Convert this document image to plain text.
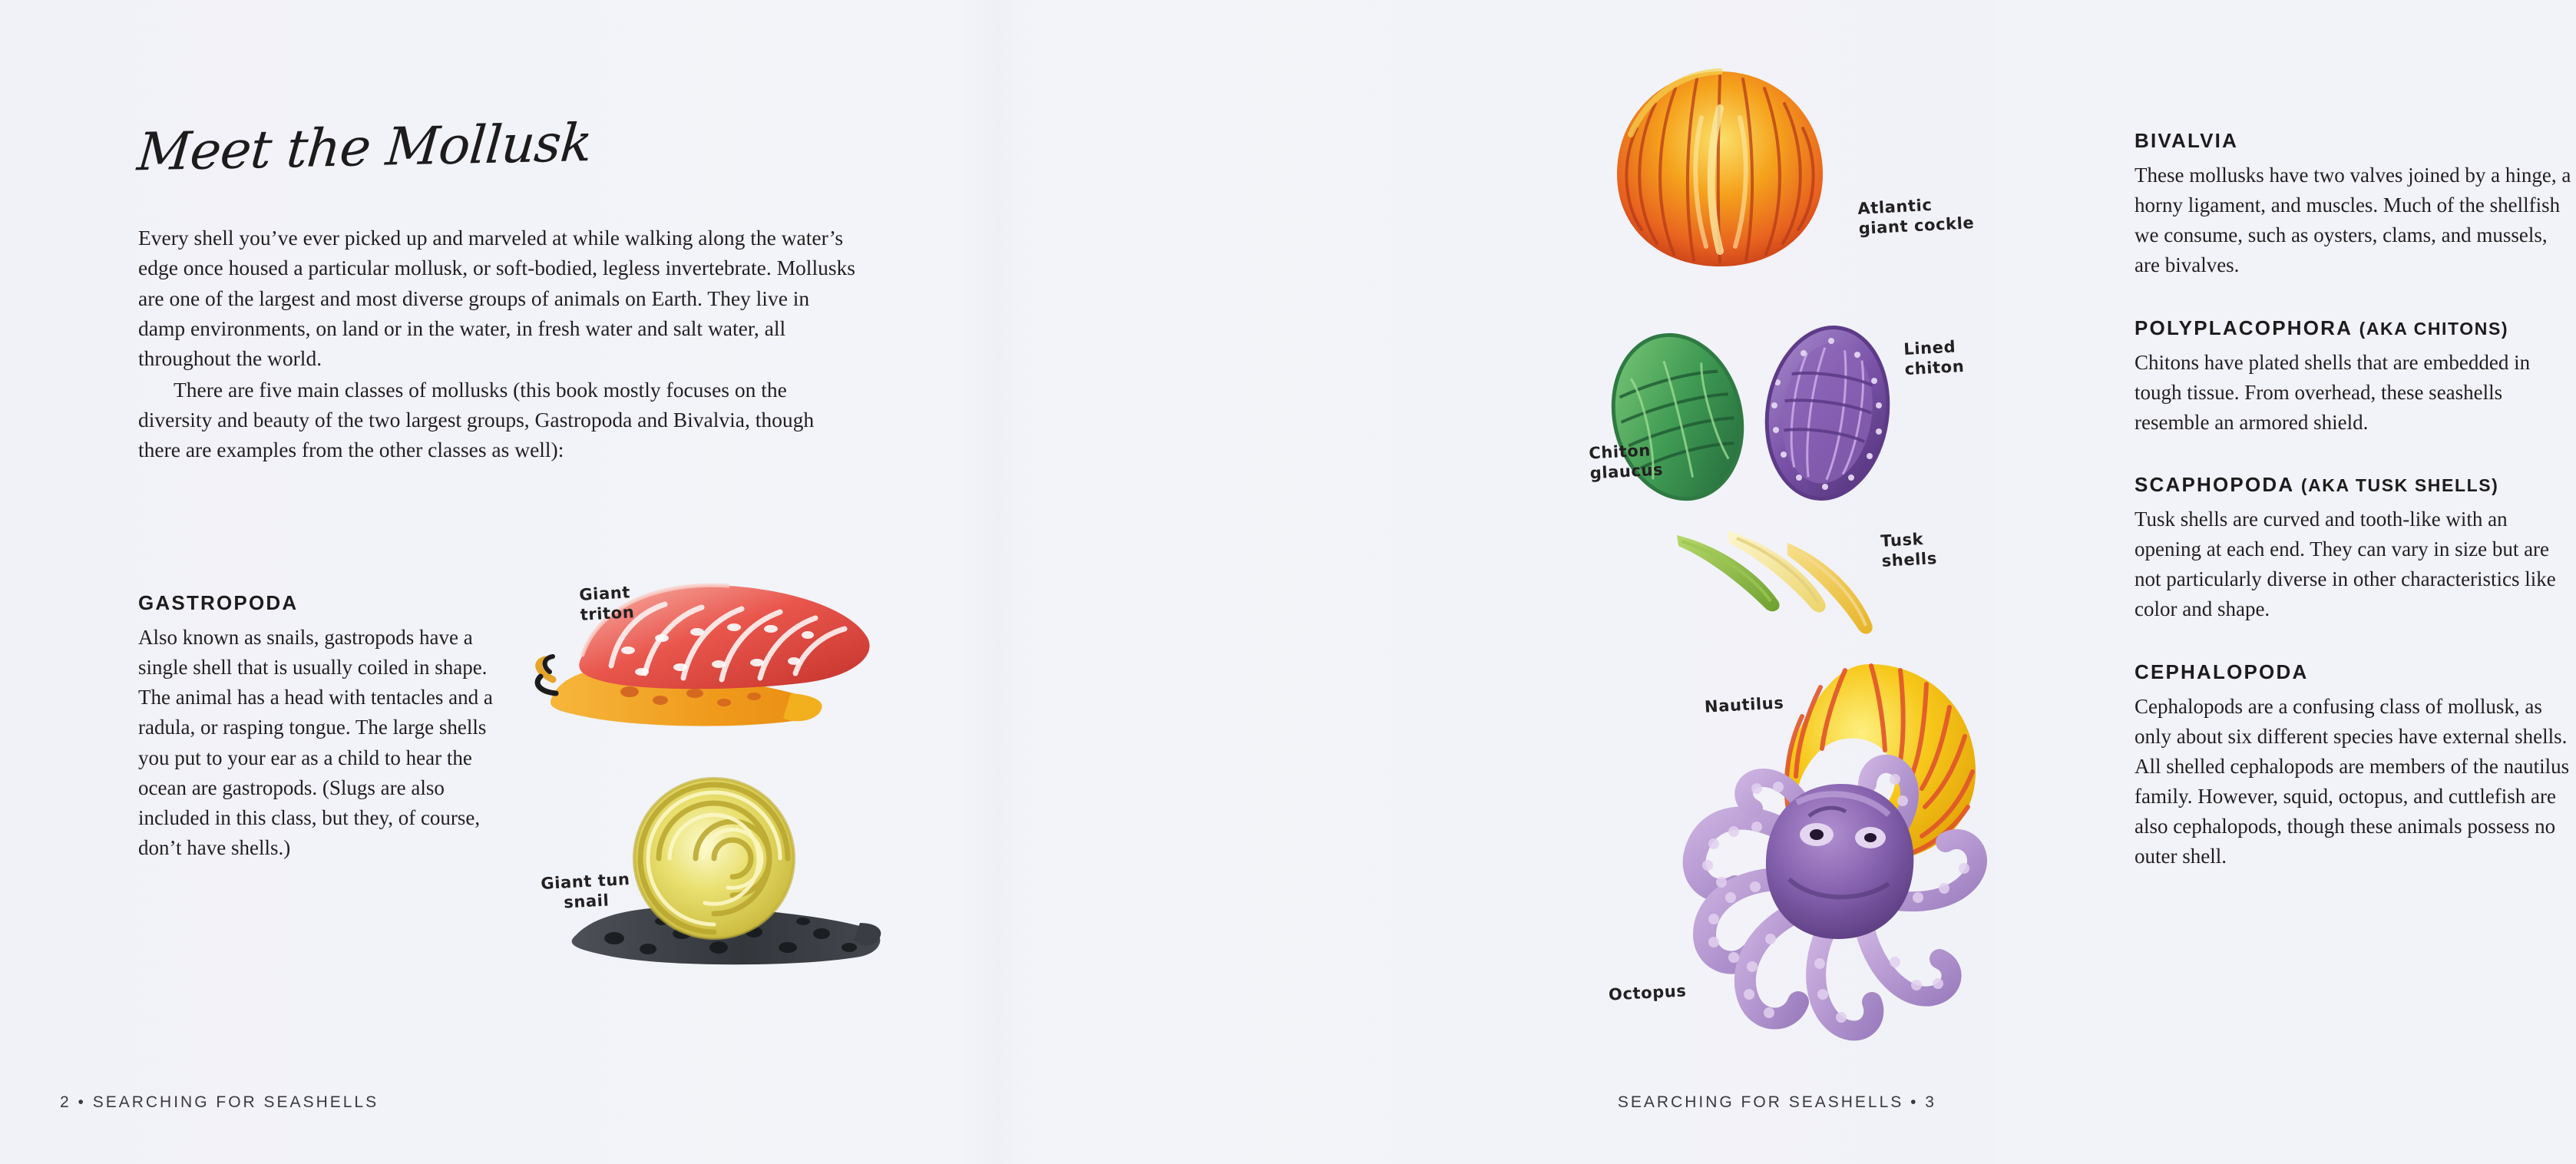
Meet the Mollusk

Every shell you’ve ever picked up and marveled at while walking along the water’s edge once housed a particular mollusk, or soft-bodied, legless invertebrate. Mollusks are one of the largest and most diverse groups of animals on Earth. They live in damp environments, on land or in the water, in fresh water and salt water, all throughout the world.

There are five main classes of mollusks (this book mostly focuses on the diversity and beauty of the two largest groups, Gastropoda and Bivalvia, though there are examples from the other classes as well):

GASTROPODA

Also known as snails, gastropods have a single shell that is usually coiled in shape. The animal has a head with tentacles and a radula, or rasping tongue. The large shells you put to your ear as a child to hear the ocean are gastropods. (Slugs are also included in this class, but they, of course, don’t have shells.)

Giant
triton
Giant tun
snail
2 • SEARCHING FOR SEASHELLS
BIVALVIA

These mollusks have two valves joined by a hinge, a horny ligament, and muscles. Much of the shellfish we consume, such as oysters, clams, and mussels, are bivalves.

POLYPLACOPHORA (AKA CHITONS)

Chitons have plated shells that are embedded in tough tissue. From overhead, these seashells resemble an armored shield.

SCAPHOPODA (AKA TUSK SHELLS)

Tusk shells are curved and tooth-like with an opening at each end. They can vary in size but are not particularly diverse in other characteristics like color and shape.

CEPHALOPODA

Cephalopods are a confusing class of mollusk, as only about six different species have external shells. All shelled cephalopods are members of the nautilus family. However, squid, octopus, and cuttlefish are also cephalopods, though these animals possess no outer shell.

Atlantic
giant cockle
Chiton
glaucus
Lined
chiton
Tusk
shells
Nautilus
Octopus
SEARCHING FOR SEASHELLS • 3
